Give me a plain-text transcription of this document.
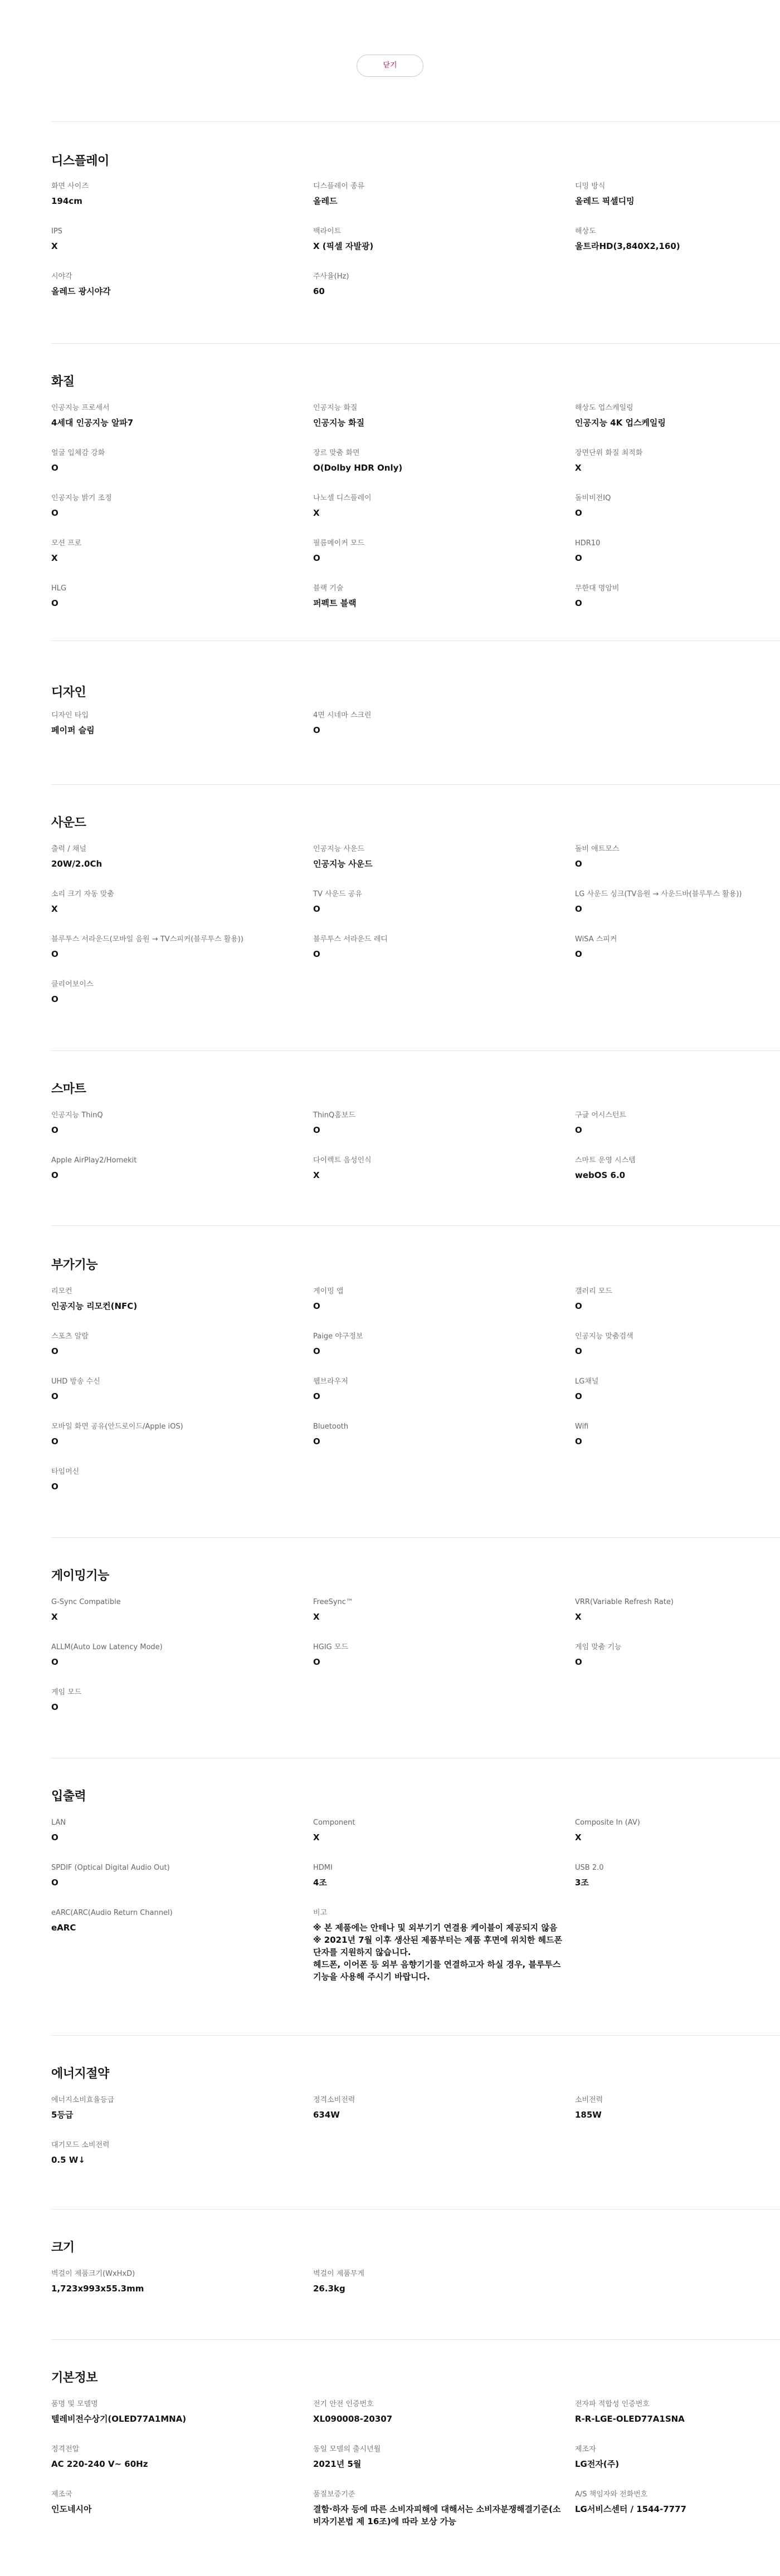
닫기
디스플레이
화면 사이즈
194cm
디스플레이 종류
올레드
디밍 방식
올레드 픽셀디밍
IPS
X
백라이트
X (픽셀 자발광)
해상도
울트라HD(3,840X2,160)
시야각
올레드 광시야각
주사율(Hz)
60
화질
인공지능 프로세서
4세대 인공지능 알파7
인공지능 화질
인공지능 화질
해상도 업스케일링
인공지능 4K 업스케일링
얼굴 입체감 강화
O
장르 맞춤 화면
O(Dolby HDR Only)
장면단위 화질 최적화
X
인공지능 밝기 조정
O
나노셀 디스플레이
X
돌비비전IQ
O
모션 프로
X
필름메이커 모드
O
HDR10
O
HLG
O
블랙 기술
퍼펙트 블랙
무한대 명암비
O
디자인
디자인 타입
페이퍼 슬림
4면 시네마 스크린
O
사운드
출력 / 채널
20W/2.0Ch
인공지능 사운드
인공지능 사운드
돌비 애트모스
O
소리 크기 자동 맞춤
X
TV 사운드 공유
O
LG 사운드 싱크(TV음원 → 사운드바(블루투스 활용))
O
블루투스 서라운드(모바일 음원 → TV스피커(블루투스 활용))
O
블루투스 서라운드 레디
O
WiSA 스피커
O
클리어보이스
O
스마트
인공지능 ThinQ
O
ThinQ홈보드
O
구글 어시스턴트
O
Apple AirPlay2/Homekit
O
다이렉트 음성인식
X
스마트 운영 시스템
webOS 6.0
부가기능
리모컨
인공지능 리모컨(NFC)
게이밍 앱
O
갤러리 모드
O
스포츠 알람
O
Paige 야구정보
O
인공지능 맞춤검색
O
UHD 방송 수신
O
웹브라우저
O
LG채널
O
모바일 화면 공유(안드로이드/Apple iOS)
O
Bluetooth
O
Wifi
O
타임머신
O
게이밍기능
G-Sync Compatible
X
FreeSync™
X
VRR(Variable Refresh Rate)
X
ALLM(Auto Low Latency Mode)
O
HGIG 모드
O
게임 맞춤 기능
O
게임 모드
O
입출력
LAN
O
Component
X
Composite In (AV)
X
SPDIF (Optical Digital Audio Out)
O
HDMI
4조
USB 2.0
3조
eARC(ARC(Audio Return Channel)
eARC
비고
※ 본 제품에는 안테나 및 외부기기 연결용 케이블이 제공되지 않음
※ 2021년 7월 이후 생산된 제품부터는 제품 후면에 위치한 헤드폰 단자를 지원하지 않습니다.
헤드폰, 이어폰 등 외부 음향기기를 연결하고자 하실 경우, 블루투스 기능을 사용해 주시기 바랍니다.
에너지절약
에너지소비효율등급
5등급
정격소비전력
634W
소비전력
185W
대기모드 소비전력
0.5 W↓
크기
벽걸이 제품크기(WxHxD)
1,723x993x55.3mm
벽걸이 제품무게
26.3kg
기본정보
품명 및 모델명
텔레비전수상기(OLED77A1MNA)
전기 안전 인증번호
XL090008-20307
전자파 적합성 인증번호
R-R-LGE-OLED77A1SNA
정격전압
AC 220-240 V~ 60Hz
동일 모델의 출시년월
2021년 5월
제조자
LG전자(주)
제조국
인도네시아
품질보증기준
결함·하자 등에 따른 소비자피해에 대해서는 소비자분쟁해결기준(소비자기본법 제 16조)에 따라 보상 가능
A/S 책임자와 전화번호
LG서비스센터 / 1544-7777
